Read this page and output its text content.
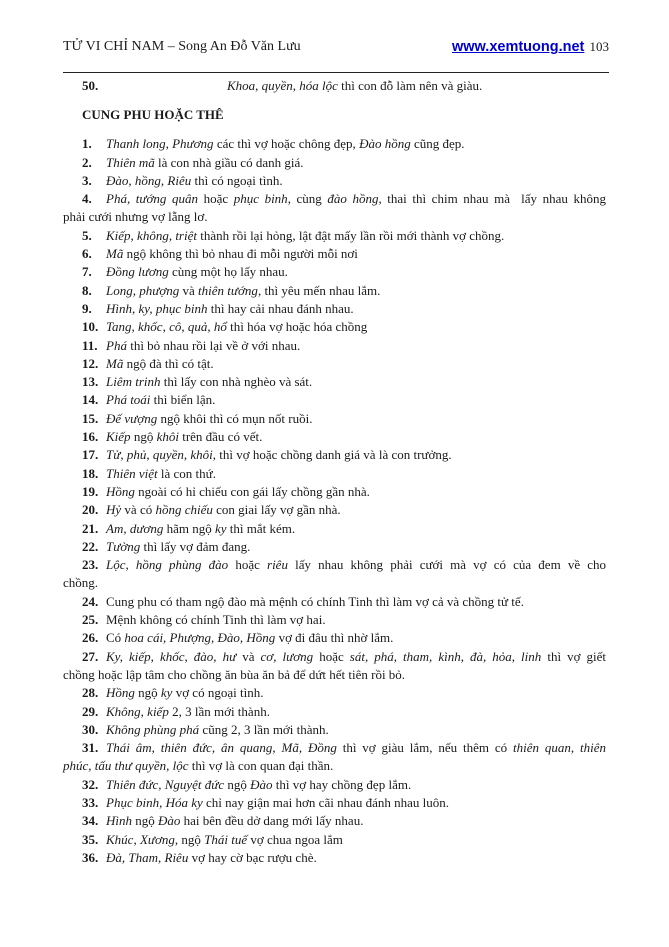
TỬ VI CHỈ NAM – Song An Đỗ Văn Lưu	www.xemtuong.net 103
50.	Khoa, quyền, hóa lộc thì con đỗ làm nên và giàu.
CUNG PHU HOẶC THÊ
1.	Thanh long, Phương các thì vợ hoặc chông đẹp, Đào hồng cũng đẹp.
2.	Thiên mã là con nhà giầu có danh giá.
3.	Đào, hồng, Riêu thì có ngoại tình.
4.	Phá, tướng quân hoặc phục binh, cùng đào hồng, thai thì chim nhau mà  lấy nhau không
phải cưới nhưng vợ lẵng lơ.
5.	Kiếp, không, triệt thành rồi lại hỏng, lật đật mấy lần rồi mới thành vợ chồng.
6.	Mã ngộ không thì bỏ nhau đi mỗi người mỗi nơi
7.	Đồng lương cùng một họ lấy nhau.
8.	Long, phượng và thiên tướng, thì yêu mến nhau lắm.
9.	Hình, ky, phục binh thì hay cải nhau đánh nhau.
10. Tang, khốc, cô, quả, hổ thì hóa vợ hoặc hóa chồng
11. Phá thì bỏ nhau rồi lại về ở với nhau.
12. Mã ngộ đà thì có tật.
13. Liêm trinh thì lấy con nhà nghèo và sát.
14. Phá toái thì biển lận.
15. Đế vượng ngộ khôi thì có mụn nốt ruồi.
16. Kiếp ngộ khôi trên đầu có vết.
17. Tử, phủ, quyền, khôi, thì vợ hoặc chồng danh giá và là con trưởng.
18. Thiên việt là con thứ.
19. Hồng ngoài có hỉ chiếu con gái lấy chồng gần nhà.
20. Hỷ và có hồng chiếu con giai lấy vợ gần nhà.
21. Am, dương hãm ngộ ky thì mắt kém.
22. Tường thì lấy vợ đảm đang.
23. Lộc, hồng phùng đào hoặc riêu lấy nhau không phải cưới mà vợ có của đem về cho
chồng.
24. Cung phu có tham ngộ đào mà mệnh có chính Tinh thì làm vợ cả và chồng tử tế.
25. Mệnh không có chính Tinh thì làm vợ hai.
26. Có hoa cái, Phượng, Đào, Hồng vợ đi đâu thì nhờ lắm.
27. Ky, kiếp, khốc, đào, hư và cơ, lương hoặc sát, phá, tham, kình, đà, hỏa, linh thì vợ giết
chồng hoặc lập tâm cho chồng ăn bùa ăn bả để dứt hết tiên rồi bỏ.
28. Hồng ngộ ky vợ có ngoại tình.
29. Không, kiếp 2, 3 lần mới thành.
30. Không phùng phá cũng 2, 3 lần mới thành.
31. Thái âm, thiên đức, ân quang, Mã, Đồng thì vợ giàu lắm, nếu thêm có thiên quan, thiên
phúc, tấu thư quyền, lộc thì vợ là con quan đại thần.
32. Thiên đức, Nguyệt đức ngộ Đào thì vợ hay chồng đẹp lắm.
33. Phục binh, Hóa ky chỉ nay giận mai hơn cãi nhau đánh nhau luôn.
34. Hình ngộ Đào hai bên đều dở dang mới lấy nhau.
35. Khúc, Xương, ngộ Thái tuế vợ chua ngoa lắm
36. Đà, Tham, Riêu vợ hay cờ bạc rượu chè.
